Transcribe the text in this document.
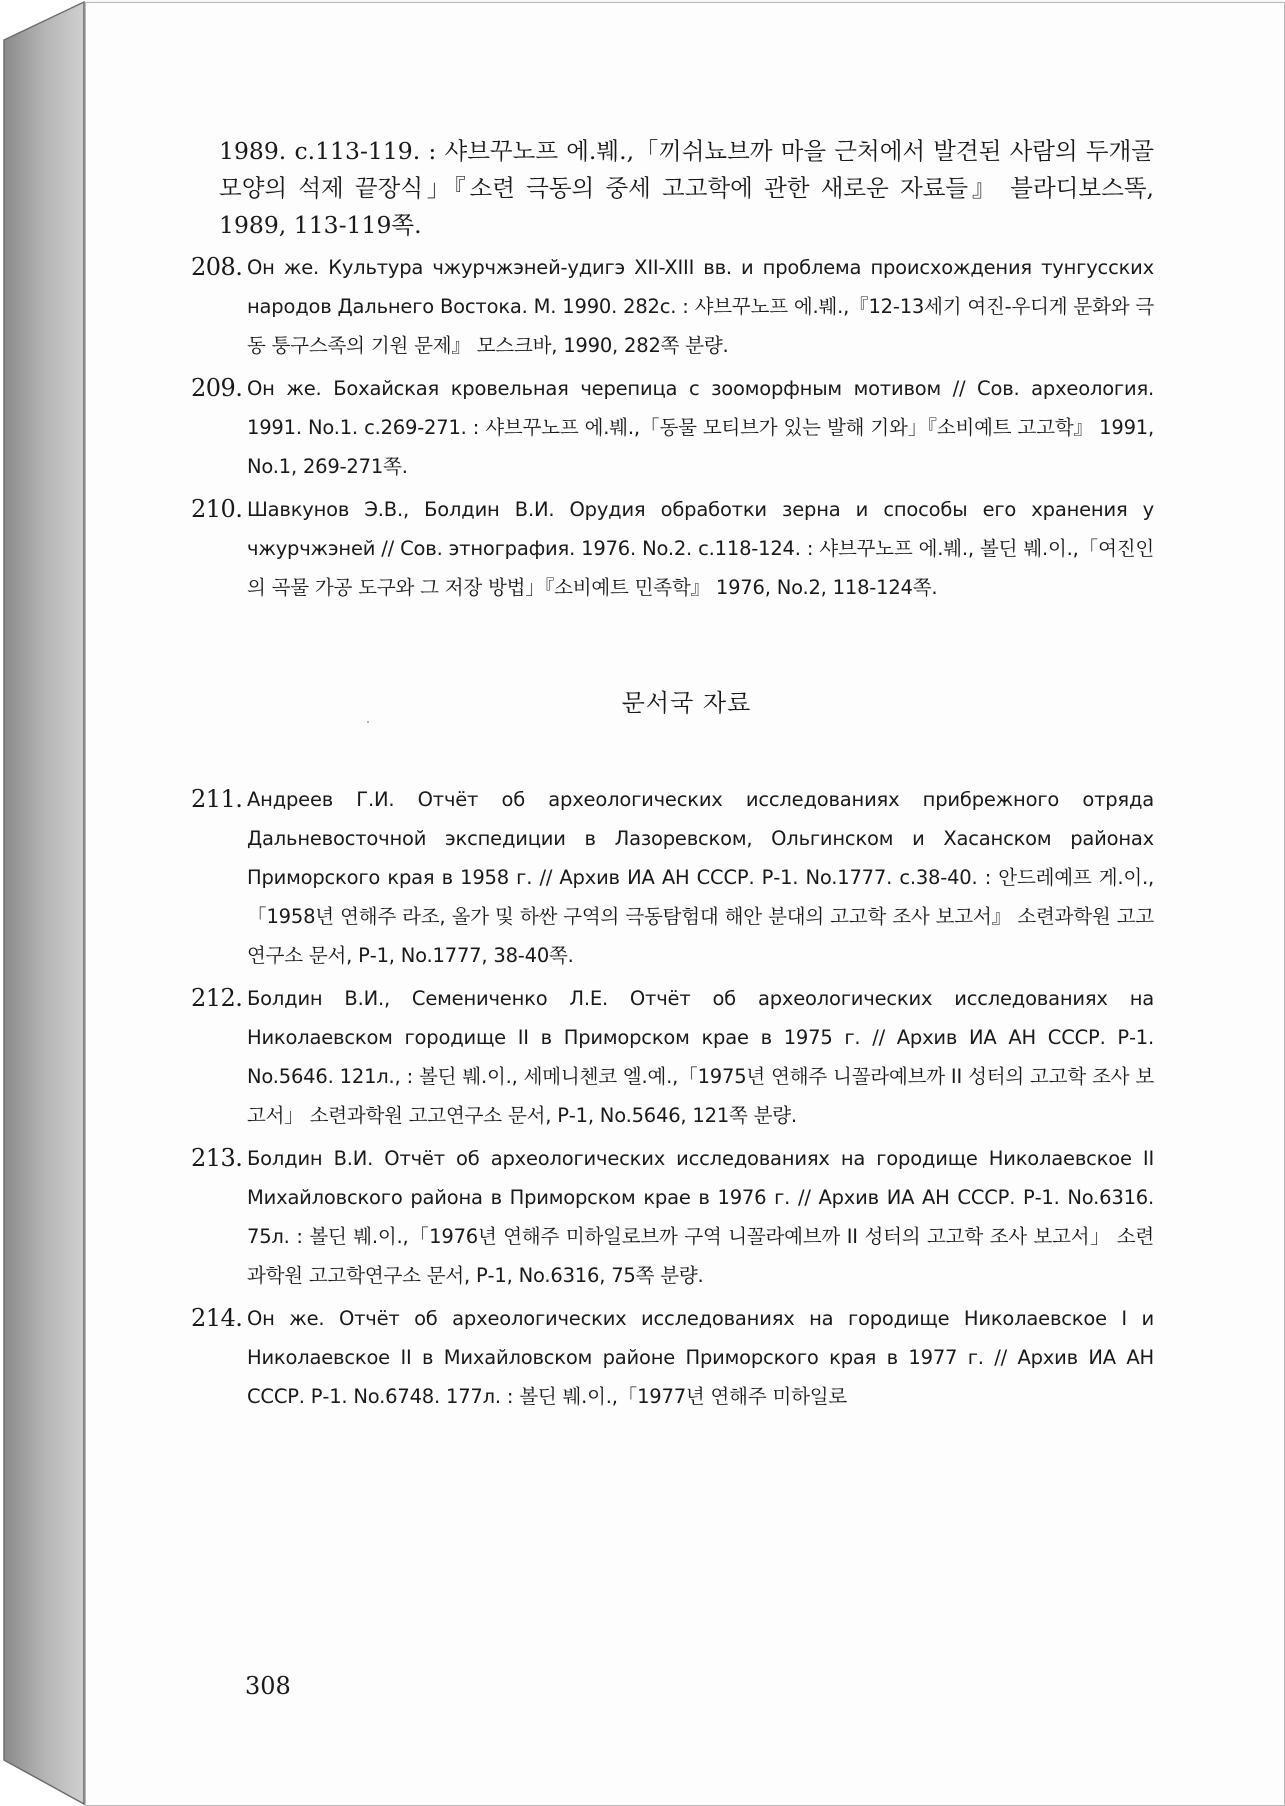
1989. c.113-119. : 샤브꾸노프 에.붸.,「끼쉬뇨브까 마을 근처에서 발견된 사람의 두개골 모양의 석제 끝장식」『소련 극동의 중세 고고학에 관한 새로운 자료들』 블라디보스똑, 1989, 113-119쪽.

208. Он же. Культура чжурчжэней-удигэ XII-XIII вв. и проблема происхождения тунгусских народов Дальнего Востока. М. 1990. 282с. : 샤브꾸노프 에.붸.,『12-13세기 여진-우디게 문화와 극동 퉁구스족의 기원 문제』 모스크바, 1990, 282쪽 분량.
209. Он же. Бохайская кровельная черепица с зооморфным мотивом // Сов. археология. 1991. No.1. с.269-271. : 샤브꾸노프 에.붸.,「동물 모티브가 있는 발해 기와」『소비예트 고고학』 1991, No.1, 269-271쪽.
210. Шавкунов Э.В., Болдин В.И. Орудия обработки зерна и способы его хранения у чжурчжэней // Сов. этнография. 1976. No.2. с.118-124. : 샤브꾸노프 에.붸., 볼딘 붸.이.,「여진인의 곡물 가공 도구와 그 저장 방법」『소비예트 민족학』 1976, No.2, 118-124쪽.
문서국 자료
211. Андреев Г.И. Отчёт об археологических исследованиях прибрежного отряда Дальневосточной экспедиции в Лазоревском, Ольгинском и Хасанском районах Приморского края в 1958 г. // Архив ИА АН СССР. Р-1. No.1777. с.38-40. : 안드레예프 게.이.,「1958년 연해주 라조, 올가 및 하싼 구역의 극동탐험대 해안 분대의 고고학 조사 보고서』 소련과학원 고고연구소 문서, Р-1, No.1777, 38-40쪽.
212. Болдин В.И., Семениченко Л.Е. Отчёт об археологических исследованиях на Николаевском городище II в Приморском крае в 1975 г. // Архив ИА АН СССР. Р-1. No.5646. 121л., : 볼딘 붸.이., 세메니첸코 엘.예.,「1975년 연해주 니꼴라예브까 II 성터의 고고학 조사 보고서」 소련과학원 고고연구소 문서, Р-1, No.5646, 121쪽 분량.
213. Болдин В.И. Отчёт об археологических исследованиях на городище Николаевское II Михайловского района в Приморском крае в 1976 г. // Архив ИА АН СССР. Р-1. No.6316. 75л. : 볼딘 붸.이.,「1976년 연해주 미하일로브까 구역 니꼴라예브까 II 성터의 고고학 조사 보고서」 소련과학원 고고학연구소 문서, Р-1, No.6316, 75쪽 분량.
214. Он же. Отчёт об археологических исследованиях на городище Николаевское I и Николаевское II в Михайловском районе Приморского края в 1977 г. // Архив ИА АН СССР. Р-1. No.6748. 177л. : 볼딘 붸.이.,「1977년 연해주 미하일로
308
